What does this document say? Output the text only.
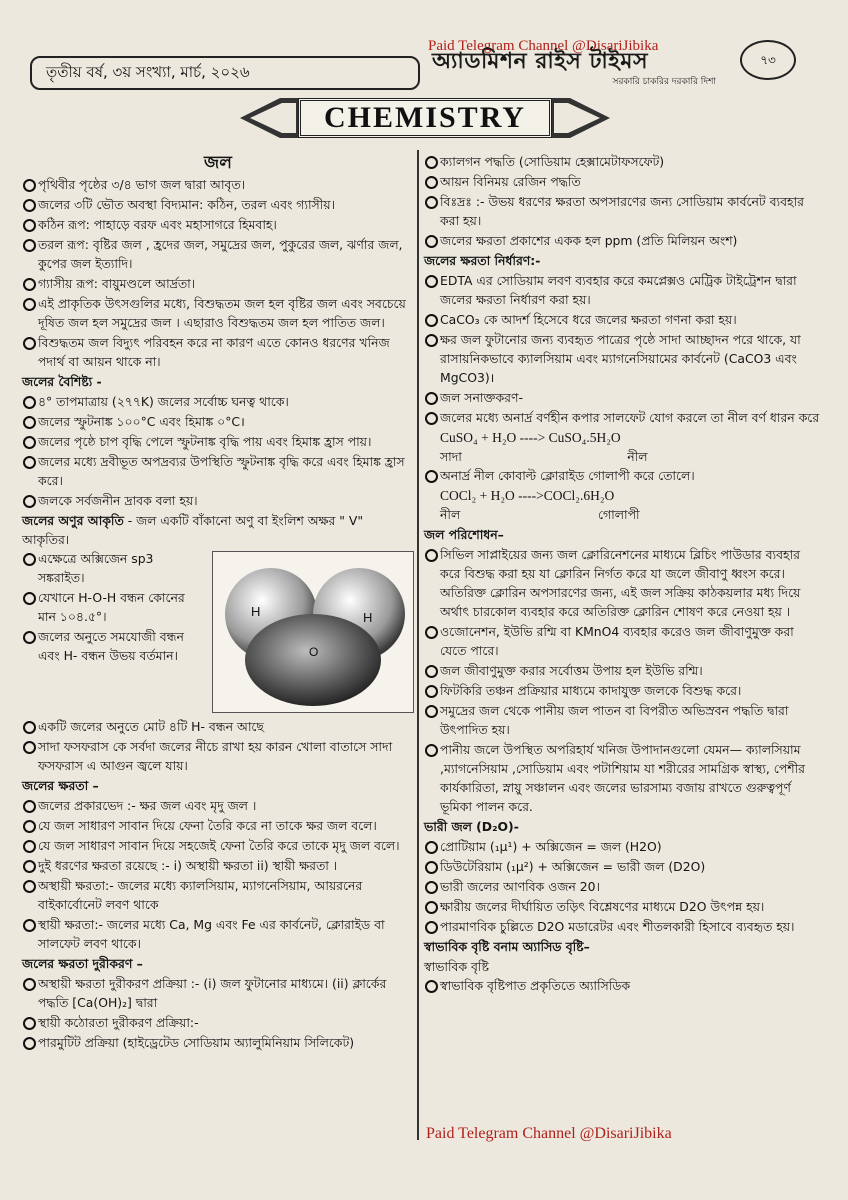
Paid Telegram Channel @DisariJibika
তৃতীয় বর্ষ, ৩য় সংখ্যা, মার্চ, ২০২৬	অ্যাডমিশন রাইস টাইমস
সরকারি চাকরির দরকারি দিশা
৭৩
CHEMISTRY
জল
পৃথিবীর পৃষ্ঠের ৩/৪ ভাগ জল দ্বারা আবৃত।
জলের ৩টি ভৌত অবস্থা বিদ্যমান: কঠিন, তরল এবং গ্যাসীয়।
কঠিন রূপ: পাহাড়ে বরফ এবং মহাসাগরে হিমবাহ।
তরল রূপ: বৃষ্টির জল , হ্রদের জল, সমুদ্রের জল, পুকুরের জল, ঝর্ণার জল, কুপের জল ইত্যাদি।
গ্যাসীয় রূপ: বায়ুমণ্ডলে আর্দ্রতা।
এই প্রাকৃতিক উৎসগুলির মধ্যে, বিশুদ্ধতম জল হল বৃষ্টির জল এবং সবচেয়ে দূষিত জল হল সমুদ্রের জল । এছারাও বিশুদ্ধতম জল হল পাতিত জল।
বিশুদ্ধতম জল বিদ্যুৎ পরিবহন করে না কারণ এতে কোনও ধরণের খনিজ পদার্থ বা আয়ন থাকে না।
জলের বৈশিষ্ট্য -
৪° তাপমাত্রায় (২৭৭K) জলের সর্বোচ্চ ঘনত্ব থাকে।
জলের স্ফুটনাঙ্ক ১০০°C এবং হিমাঙ্ক ০°C।
জলের পৃষ্ঠে চাপ বৃদ্ধি পেলে স্ফুটনাঙ্ক বৃদ্ধি পায় এবং হিমাঙ্ক হ্রাস পায়।
জলের মধ্যে দ্রবীভূত অপদ্রব্যর উপস্থিতি স্ফুটনাঙ্ক বৃদ্ধি করে এবং হিমাঙ্ক হ্রাস করে।
জলকে সর্বজনীন দ্রাবক বলা হয়।
জলের অণুর আকৃতি - জল একটি বাঁকানো অণু বা ইংলিশ অক্ষর " V" আকৃতির।
এক্ষেত্রে অক্সিজেন sp3 সঙ্করাইত।
যেখানে H-O-H বন্ধন কোনের মান ১০৪.৫°।
জলের অনুতে সমযোজী বন্ধন এবং H- বন্ধন উভয় বর্তমান।
H	H
O
একটি জলের অনুতে মোট ৪টি H- বন্ধন আছে
সাদা ফসফরাস কে সর্বদা জলের নীচে রাখা হয় কারন খোলা বাতাসে সাদা ফসফরাস এ আগুন জ্বলে যায়।
জলের ক্ষরতা –
জলের প্রকারভেদ :- ক্ষর জল এবং মৃদু জল ।
যে জল সাধারণ সাবান দিয়ে ফেনা তৈরি করে না তাকে ক্ষর জল বলে।
যে জল সাধারণ সাবান দিয়ে সহজেই ফেনা তৈরি করে তাকে মৃদু জল বলে।
দুই ধরণের ক্ষরতা রয়েছে :- i) অস্থায়ী ক্ষরতা ii) স্থায়ী ক্ষরতা ।
অস্থায়ী ক্ষরতা:- জলের মধ্যে ক্যালসিয়াম, ম্যাগনেসিয়াম, আয়রনের বাইকার্বোনেট লবণ থাকে
স্থায়ী ক্ষরতা:- জলের মধ্যে Ca, Mg এবং Fe এর কার্বনেট, ক্লোরাইড বা সালফেট লবণ থাকে।
জলের ক্ষরতা দুরীকরণ –
অস্থায়ী ক্ষরতা দুরীকরণ প্রক্রিয়া :- (i) জল ফুটানোর মাধ্যমে। (ii) ক্লার্কের পদ্ধতি [Ca(OH)₂] দ্বারা
স্থায়ী কঠোরতা দুরীকরণ প্রক্রিয়া:-
পারমুটিট প্রক্রিয়া (হাইড্রেটেড সোডিয়াম অ্যালুমিনিয়াম সিলিকেট)
ক্যালগন পদ্ধতি (সোডিয়াম হেক্সামেটাফসফেট)
আয়ন বিনিময় রেজিন পদ্ধতি
বিঃদ্রঃ :- উভয় ধরণের ক্ষরতা অপসারণের জন্য সোডিয়াম কার্বনেট ব্যবহার করা হয়।
জলের ক্ষরতা প্রকাশের একক হল ppm (প্রতি মিলিয়ন অংশ)
জলের ক্ষরতা নির্ধারণ:-
EDTA এর সোডিয়াম লবণ ব্যবহার করে কমপ্লেক্সও মেট্রিক টাইট্রেশন দ্বারা জলের ক্ষরতা নির্ধারণ করা হয়।
CaCO₃ কে আদর্শ হিসেবে ধরে জলের ক্ষরতা গণনা করা হয়।
ক্ষর জল ফুটানোর জন্য ব্যবহৃত পাত্রের পৃষ্ঠে সাদা আচ্ছাদন পরে থাকে, যা রাসায়নিকভাবে ক্যালসিয়াম এবং ম্যাগনেসিয়ামের কার্বনেট (CaCO3 এবং MgCO3)।
জল সনাক্তকরণ-
জলের মধ্যে অনার্দ্র বর্ণহীন কপার সালফেট যোগ করলে তা নীল বর্ণ ধারন করে
CuSO₄ + H₂O ----> CuSO₄.5H₂O
সাদা                                          নীল
অনার্দ্র নীল কোবাল্ট ক্লোরাইড গোলাপী করে তোলে।
COCl₂ + H₂O ---->COCl₂.6H₂O
নীল                                   গোলাপী
জল পরিশোধন–
সিভিল সাপ্লাইয়ের জন্য জল ক্লোরিনেশনের মাধ্যমে ব্লিচিং পাউডার ব্যবহার করে বিশুদ্ধ করা হয় যা ক্লোরিন নির্গত করে যা জলে জীবাণু ধ্বংস করে। অতিরিক্ত ক্লোরিন অপসারণের জন্য, এই জল সক্রিয় কাঠকয়লার মধ্য দিয়ে অর্থাৎ চারকোল ব্যবহার করে অতিরিক্ত ক্লোরিন শোষণ করে নেওয়া হয় ।
ওজোনেশন, ইউভি রশ্মি বা KMnO4 ব্যবহার করেও জল জীবাণুমুক্ত করা যেতে পারে।
জল জীবাণুমুক্ত করার সর্বোত্তম উপায় হল ইউভি রশ্মি।
ফিটকিরি তঞ্চন প্রক্রিয়ার মাধ্যমে কাদাযুক্ত জলকে বিশুদ্ধ করে।
সমুদ্রের জল থেকে পানীয় জল পাতন বা বিপরীত অভিস্রবন পদ্ধতি দ্বারা উৎপাদিত হয়।
পানীয় জলে উপস্থিত অপরিহার্য খনিজ উপাদানগুলো যেমন— ক্যালসিয়াম ,ম্যাগনেসিয়াম ,সোডিয়াম এবং পটাশিয়াম যা শরীরের সামগ্রিক স্বাস্থ্য, পেশীর কার্যকারিতা, স্নায়ু সঞ্চালন এবং জলের ভারসাম্য বজায় রাখতে গুরুত্বপূর্ণ ভূমিকা পালন করে.
ভারী জল (D₂O)-
প্রোটিয়াম (₁µ¹) + অক্সিজেন = জল (H2O)
ডিউটেরিয়াম (₁µ²) + অক্সিজেন = ভারী জল (D2O)
ভারী জলের আণবিক ওজন 20।
ক্ষারীয় জলের দীর্ঘায়িত তড়িৎ বিশ্লেষণের মাধ্যমে D2O উৎপন্ন হয়।
পারমাণবিক চুল্লিতে D2O মডারেটর এবং শীতলকারী হিসাবে ব্যবহৃত হয়।
স্বাভাবিক বৃষ্টি বনাম অ্যাসিড বৃষ্টি–
স্বাভাবিক বৃষ্টি
স্বাভাবিক বৃষ্টিপাত প্রকৃতিতে অ্যাসিডিক
Paid Telegram Channel @DisariJibika
